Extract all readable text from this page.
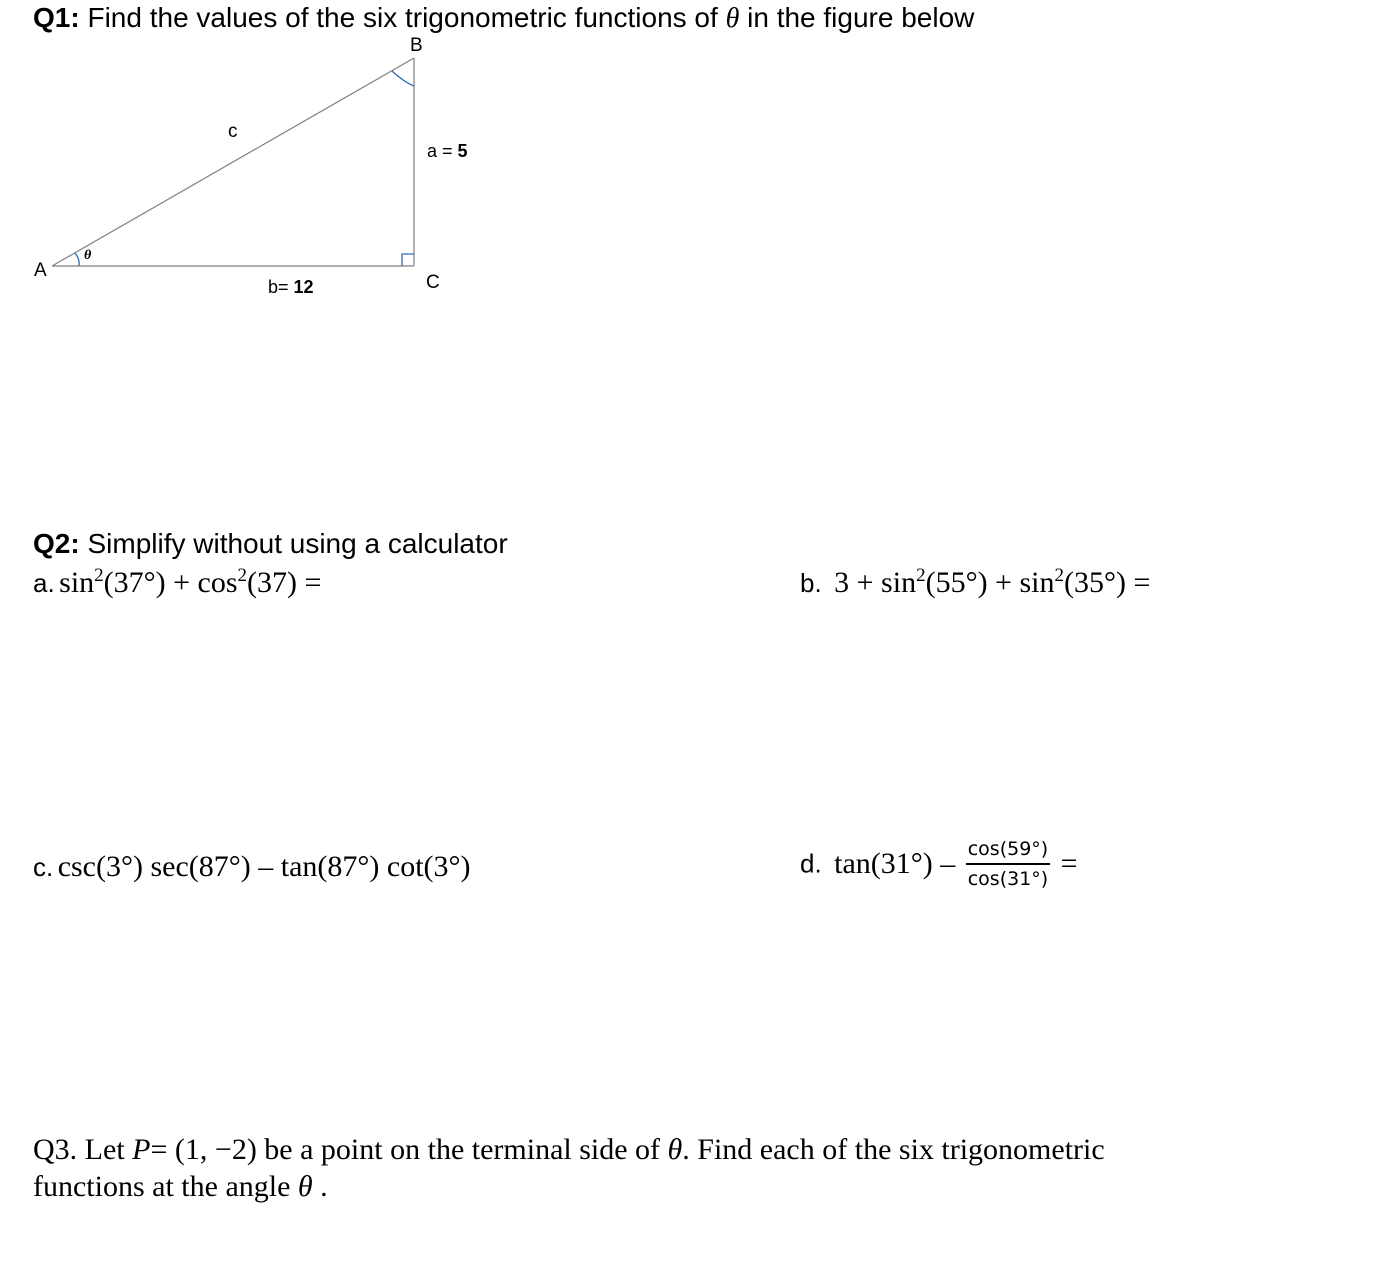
Q1: Find the values of the six trigonometric functions of θ in the figure below
B
c
a = 5
A
θ
b= 12	C
Q2: Simplify without using a calculator
a. $\sin^2(37^\circ) + \cos^2(37)$ =	b. $3 + \sin^2(55^\circ) + \sin^2(35^\circ)$ =
c. csc(3°) sec(87°) – tan(87°) cot(3°)	d. $\tan(31^\circ) - \frac{\cos(59^\circ)}{\cos(31^\circ)}$ =
Q3. Let P= (1, −2) be a point on the terminal side of θ. Find each of the six trigonometric
functions at the angle θ .
